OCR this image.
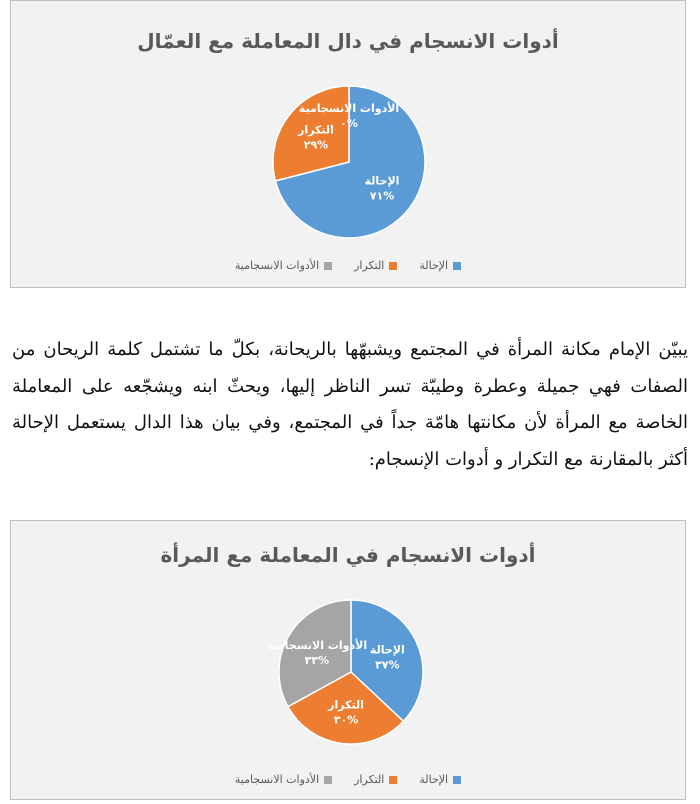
أدوات الانسجام في دال المعاملة مع العمّال
الإحالة
%٧١
التكرار
%٢٩
الأدوات الانسجامية
%٠
الإحالة
التكرار
الأدوات الانسجامية
يبيّن الإمام مكانة المرأة في المجتمع ويشبهّها بالريحانة، بكلّ ما تشتمل كلمة الريحان من الصفات فهي جميلة وعطرة وطيبّة تسر الناظر إليها، ويحثّ ابنه ويشجّعه على المعاملة الخاصة مع المرأة لأن مكانتها هامّة جداً في المجتمع، وفي بيان هذا الدال يستعمل الإحالة أكثر بالمقارنة مع التكرار و أدوات الإنسجام:
أدوات الانسجام في المعاملة مع المرأة
الإحالة
%٣٧
التكرار
%٣٠
الأدوات الانسجامية
%٣٣
الإحالة
التكرار
الأدوات الانسجامية
